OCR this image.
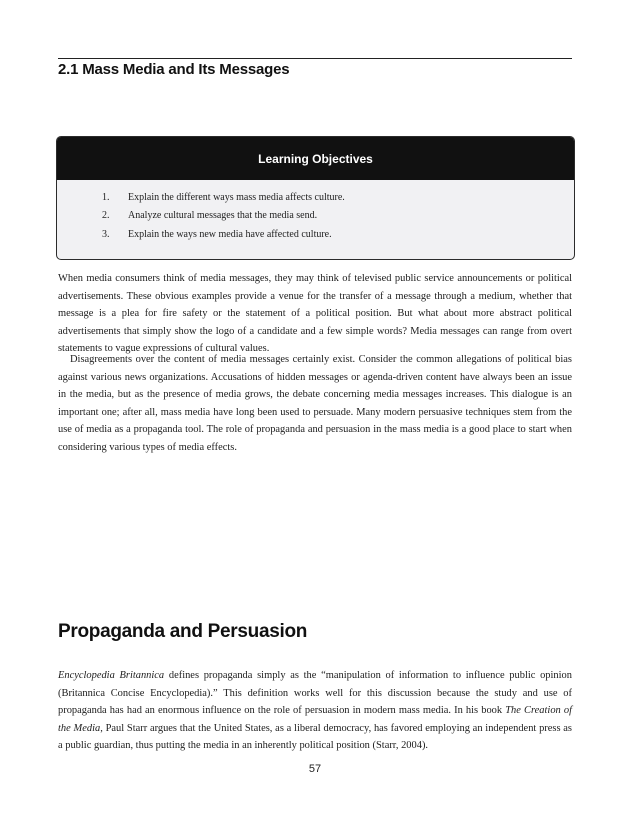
2.1 Mass Media and Its Messages
Learning Objectives
1. Explain the different ways mass media affects culture.
2. Analyze cultural messages that the media send.
3. Explain the ways new media have affected culture.

When media consumers think of media messages, they may think of televised public service announcements or political advertisements. These obvious examples provide a venue for the transfer of a message through a medium, whether that message is a plea for fire safety or the statement of a political position. But what about more abstract political advertisements that simply show the logo of a candidate and a few simple words? Media messages can range from overt statements to vague expressions of cultural values.

Disagreements over the content of media messages certainly exist. Consider the common allegations of political bias against various news organizations. Accusations of hidden messages or agenda-driven content have always been an issue in the media, but as the presence of media grows, the debate concerning media messages increases. This dialogue is an important one; after all, mass media have long been used to persuade. Many modern persuasive techniques stem from the use of media as a propaganda tool. The role of propaganda and persuasion in the mass media is a good place to start when considering various types of media effects.

Propaganda and Persuasion

Encyclopedia Britannica defines propaganda simply as the “manipulation of information to influence public opinion (Britannica Concise Encyclopedia).” This definition works well for this discussion because the study and use of propaganda has had an enormous influence on the role of persuasion in modern mass media. In his book The Creation of the Media, Paul Starr argues that the United States, as a liberal democracy, has favored employing an independent press as a public guardian, thus putting the media in an inherently political position (Starr, 2004).

57
